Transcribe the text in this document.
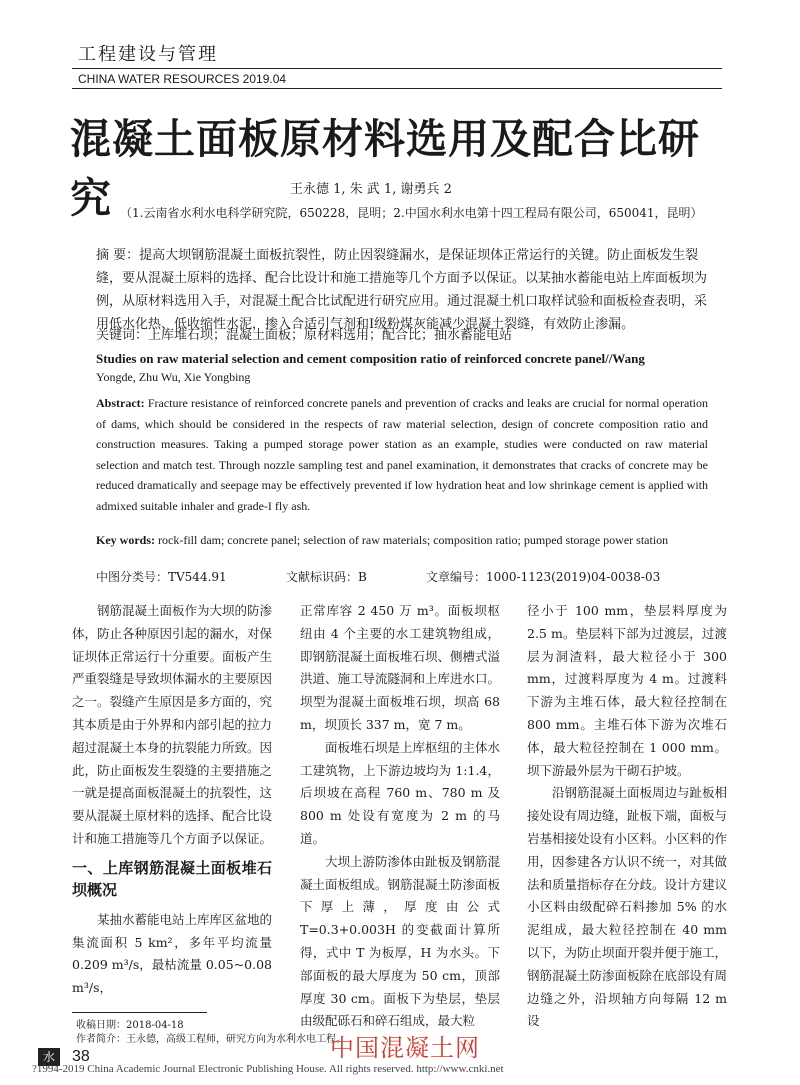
工程建设与管理
CHINA WATER RESOURCES 2019.04
混凝土面板原材料选用及配合比研究	王永德 1, 朱 武 1, 谢勇兵 2
（1.云南省水利水电科学研究院，650228，昆明；2.中国水利水电第十四工程局有限公司，650041，昆明）
摘 要：提高大坝钢筋混凝土面板抗裂性，防止因裂缝漏水，是保证坝体正常运行的关键。防止面板发生裂缝，要从混凝土原料的选择、配合比设计和施工措施等几个方面予以保证。以某抽水蓄能电站上库面板坝为例，从原材料选用入手，对混凝土配合比试配进行研究应用。通过混凝土机口取样试验和面板检查表明，采用低水化热、低收缩性水泥，掺入合适引气剂和Ⅰ级粉煤灰能减少混凝土裂缝，有效防止渗漏。
关键词：上库堆石坝；混凝土面板；原材料选用；配合比；抽水蓄能电站
Studies on raw material selection and cement composition ratio of reinforced concrete panel//Wang
Yongde, Zhu Wu, Xie Yongbing
Abstract: Fracture resistance of reinforced concrete panels and prevention of cracks and leaks are crucial for normal operation of dams, which should be considered in the respects of raw material selection, design of concrete composition ratio and construction measures. Taking a pumped storage power station as an example, studies were conducted on raw material selection and match test. Through nozzle sampling test and panel examination, it demonstrates that cracks of concrete may be reduced dramatically and seepage may be effectively prevented if low hydration heat and low shrinkage cement is applied with admixed suitable inhaler and grade-I fly ash.
Key words: rock-fill dam; concrete panel; selection of raw materials; composition ratio; pumped storage power station
中图分类号：TV544.91	文献标识码：B	文章编号：1000-1123(2019)04-0038-03

钢筋混凝土面板作为大坝的防渗体，防止各种原因引起的漏水，对保证坝体正常运行十分重要。面板产生严重裂缝是导致坝体漏水的主要原因之一。裂缝产生原因是多方面的，究其本质是由于外界和内部引起的拉力超过混凝土本身的抗裂能力所致。因此，防止面板发生裂缝的主要措施之一就是提高面板混凝土的抗裂性，这要从混凝土原材料的选择、配合比设计和施工措施等几个方面予以保证。

一、上库钢筋混凝土面板堆石坝概况

某抽水蓄能电站上库库区盆地的集流面积 5 km²，多年平均流量 0.209 m³/s，最枯流量 0.05~0.08 m³/s，

正常库容 2 450 万 m³。面板坝枢纽由 4 个主要的水工建筑物组成，即钢筋混凝土面板堆石坝、侧槽式溢洪道、施工导流隧洞和上库进水口。坝型为混凝土面板堆石坝，坝高 68 m，坝顶长 337 m，宽 7 m。

面板堆石坝是上库枢纽的主体水工建筑物，上下游边坡均为 1:1.4，后坝坡在高程 760 m、780 m 及 800 m 处设有宽度为 2 m 的马道。

大坝上游防渗体由趾板及钢筋混凝土面板组成。钢筋混凝土防渗面板下厚上薄，厚度由公式 T=0.3+0.003H 的变截面计算所得，式中 T 为板厚，H 为水头。下部面板的最大厚度为 50 cm，顶部厚度 30 cm。面板下为垫层，垫层由级配砾石和碎石组成，最大粒

径小于 100 mm，垫层料厚度为 2.5 m。垫层料下部为过渡层，过渡层为洞渣料，最大粒径小于 300 mm，过渡料厚度为 4 m。过渡料下游为主堆石体，最大粒径控制在 800 mm。主堆石体下游为次堆石体，最大粒径控制在 1 000 mm。坝下游最外层为干砌石护坡。

沿钢筋混凝土面板周边与趾板相接处设有周边缝，趾板下端，面板与岩基相接处设有小区料。小区料的作用，因参建各方认识不统一，对其做法和质量指标存在分歧。设计方建议小区料由级配碎石料掺加 5% 的水泥组成，最大粒径控制在 40 mm 以下，为防止坝面开裂并便于施工，钢筋混凝土防渗面板除在底部设有周边缝之外，沿坝轴方向每隔 12 m 设

收稿日期：2018-04-18
作者简介：王永德，高级工程师，研究方向为水利水电工程。
水	38	中国混凝土网
?1994-2019 China Academic Journal Electronic Publishing House. All rights reserved. http://www.cnki.net
